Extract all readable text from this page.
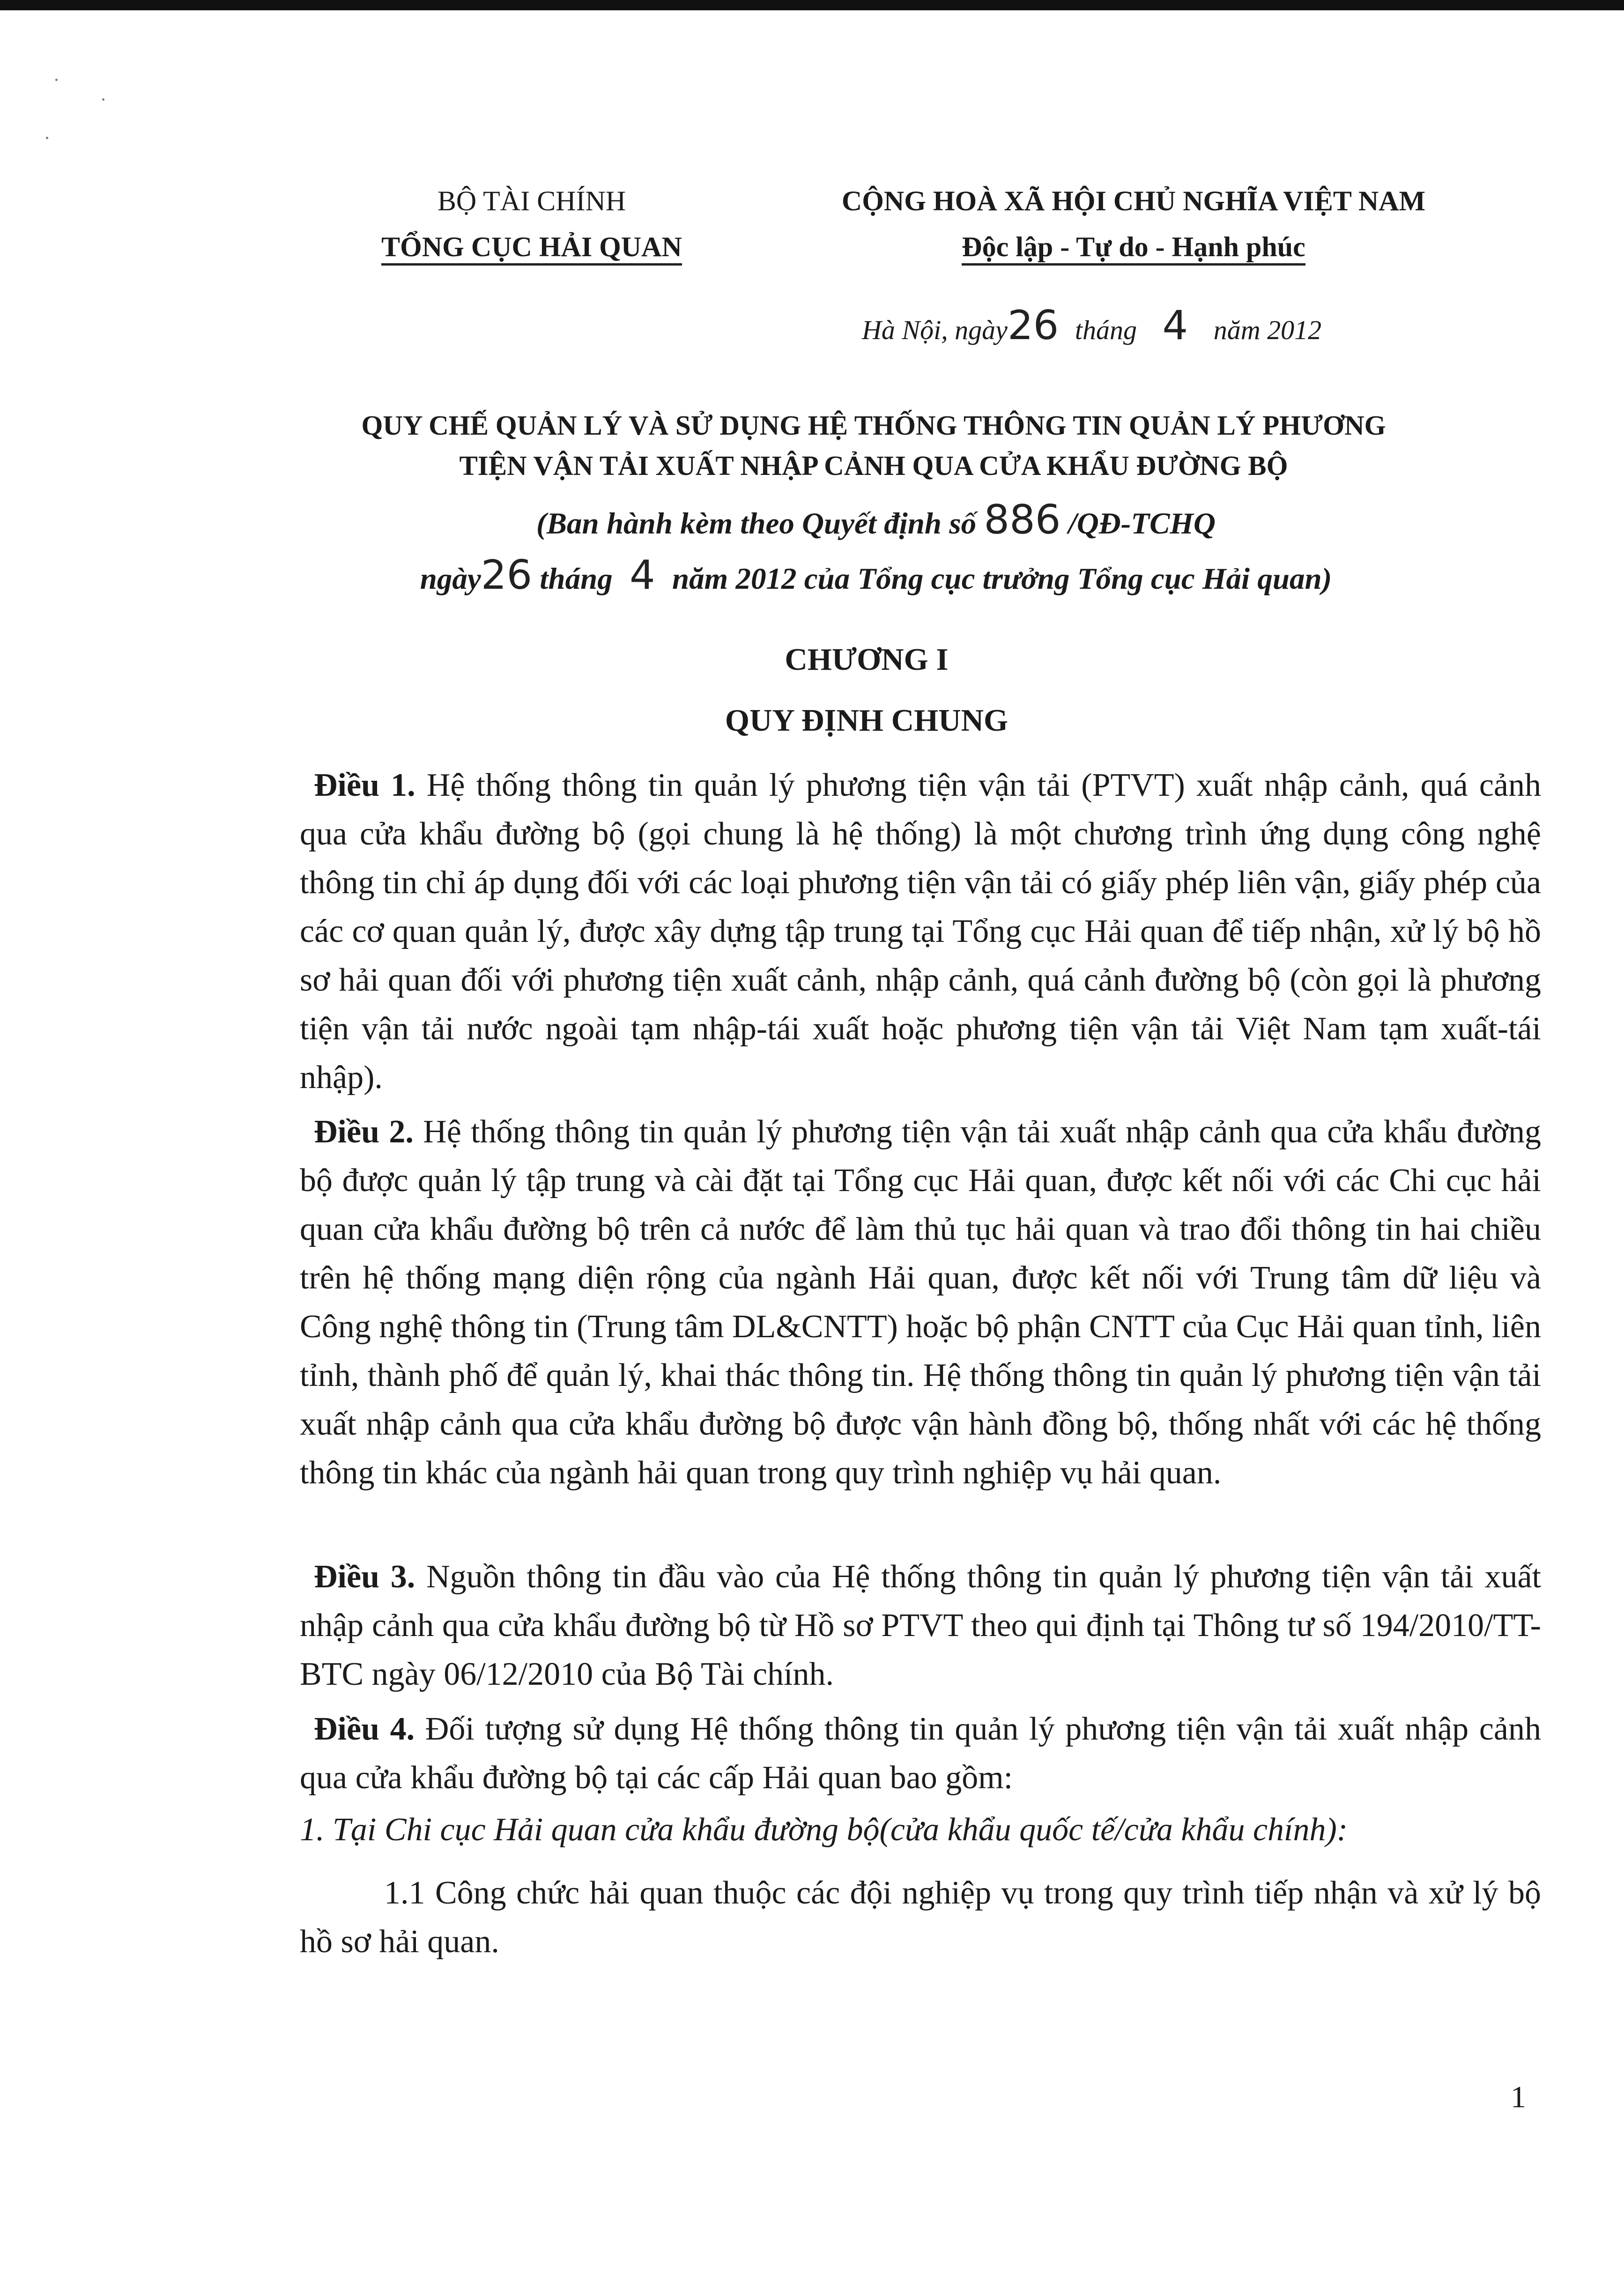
BỘ TÀI CHÍNH
TỔNG CỤC HẢI QUAN
CỘNG HOÀ XÃ HỘI CHỦ NGHĨA VIỆT NAM
Độc lập - Tự do - Hạnh phúc
Hà Nội, ngày26 tháng 4 năm 2012
QUY CHẾ QUẢN LÝ VÀ SỬ DỤNG HỆ THỐNG THÔNG TIN QUẢN LÝ PHƯƠNG
TIỆN VẬN TẢI XUẤT NHẬP CẢNH QUA CỬA KHẨU ĐƯỜNG BỘ
(Ban hành kèm theo Quyết định số 886 /QĐ-TCHQ
ngày26 tháng 4 năm 2012 của Tổng cục trưởng Tổng cục Hải quan)
CHƯƠNG I
QUY ĐỊNH CHUNG
Điều 1. Hệ thống thông tin quản lý phương tiện vận tải (PTVT) xuất nhập cảnh, quá cảnh qua cửa khẩu đường bộ (gọi chung là hệ thống) là một chương trình ứng dụng công nghệ thông tin chỉ áp dụng đối với các loại phương tiện vận tải có giấy phép liên vận, giấy phép của các cơ quan quản lý, được xây dựng tập trung tại Tổng cục Hải quan để tiếp nhận, xử lý bộ hồ sơ hải quan đối với phương tiện xuất cảnh, nhập cảnh, quá cảnh đường bộ (còn gọi là phương tiện vận tải nước ngoài tạm nhập-tái xuất hoặc phương tiện vận tải Việt Nam tạm xuất-tái nhập).
Điều 2. Hệ thống thông tin quản lý phương tiện vận tải xuất nhập cảnh qua cửa khẩu đường bộ được quản lý tập trung và cài đặt tại Tổng cục Hải quan, được kết nối với các Chi cục hải quan cửa khẩu đường bộ trên cả nước để làm thủ tục hải quan và trao đổi thông tin hai chiều trên hệ thống mạng diện rộng của ngành Hải quan, được kết nối với Trung tâm dữ liệu và Công nghệ thông tin (Trung tâm DL&CNTT) hoặc bộ phận CNTT của Cục Hải quan tỉnh, liên tỉnh, thành phố để quản lý, khai thác thông tin. Hệ thống thông tin quản lý phương tiện vận tải xuất nhập cảnh qua cửa khẩu đường bộ được vận hành đồng bộ, thống nhất với các hệ thống thông tin khác của ngành hải quan trong quy trình nghiệp vụ hải quan.
Điều 3. Nguồn thông tin đầu vào của Hệ thống thông tin quản lý phương tiện vận tải xuất nhập cảnh qua cửa khẩu đường bộ từ Hồ sơ PTVT theo qui định tại Thông tư số 194/2010/TT-BTC ngày 06/12/2010 của Bộ Tài chính.
Điều 4. Đối tượng sử dụng Hệ thống thông tin quản lý phương tiện vận tải xuất nhập cảnh qua cửa khẩu đường bộ tại các cấp Hải quan bao gồm:
1. Tại Chi cục Hải quan cửa khẩu đường bộ(cửa khẩu quốc tế/cửa khẩu chính):
1.1 Công chức hải quan thuộc các đội nghiệp vụ trong quy trình tiếp nhận và xử lý bộ hồ sơ hải quan.
1
